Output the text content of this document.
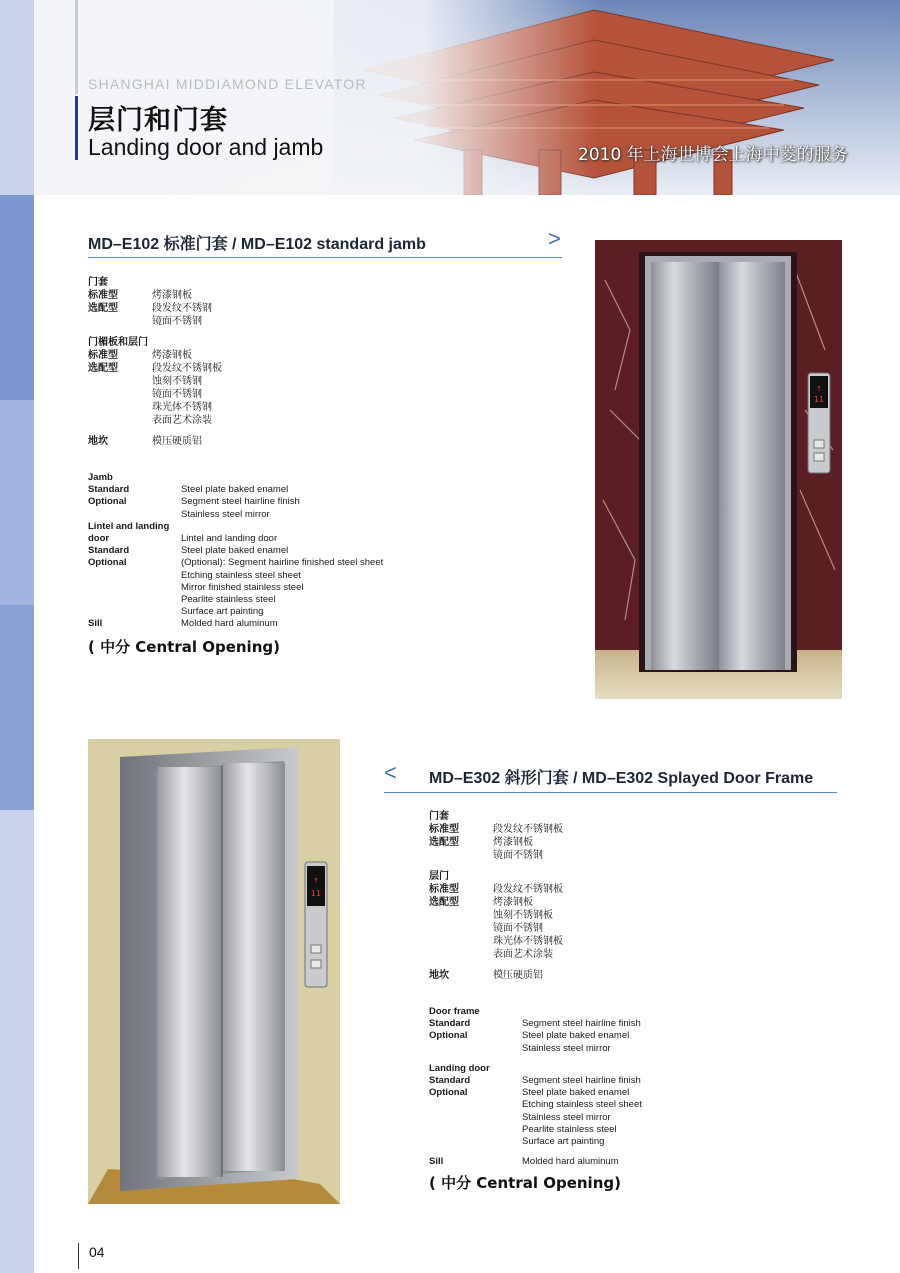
SHANGHAI MIDDIAMOND ELEVATOR
层门和门套
Landing door and jamb	2010 年上海世博会上海中菱的服务
MD–E102 标准门套 / MD–E102 standard jamb	>
门套
标准型	烤漆钢板
选配型	段发纹不锈钢

镜面不锈钢
门楣板和层门
标准型	烤漆钢板
选配型	段发纹不锈钢板

蚀刻不锈钢

镜面不锈钢

珠光体不锈钢

表面艺术涂装
地坎	模压硬质铝
Jamb
Standard	Steel plate baked enamel
Optional	Segment steel hairline finish

Stainless steel mirror
Lintel and landing
door	Lintel and landing door
Standard	Steel plate baked enamel
Optional	(Optional): Segment hairline finished steel sheet

Etching stainless steel sheet

Mirror finished stainless steel

Pearlite stainless steel

Surface art painting
Sill	Molded hard aluminum
( 中分 Central Opening)
↑
11
↑
11
< MD–E302 斜形门套 / MD–E302 Splayed Door Frame
门套
标准型	段发纹不锈钢板
选配型	烤漆钢板

镜面不锈钢
层门
标准型	段发纹不锈钢板
选配型	烤漆钢板

蚀刻不锈钢板

镜面不锈钢

珠光体不锈钢板

表面艺术涂装
地坎	模压硬质铝
Door frame
Standard	Segment steel hairline finish
Optional	Steel plate baked enamel

Stainless steel mirror
Landing door
Standard	Segment steel hairline finish
Optional	Steel plate baked enamel

Etching stainless steel sheet

Stainless steel mirror

Pearlite stainless steel

Surface art painting
Sill	Molded hard aluminum
( 中分 Central Opening)
04
